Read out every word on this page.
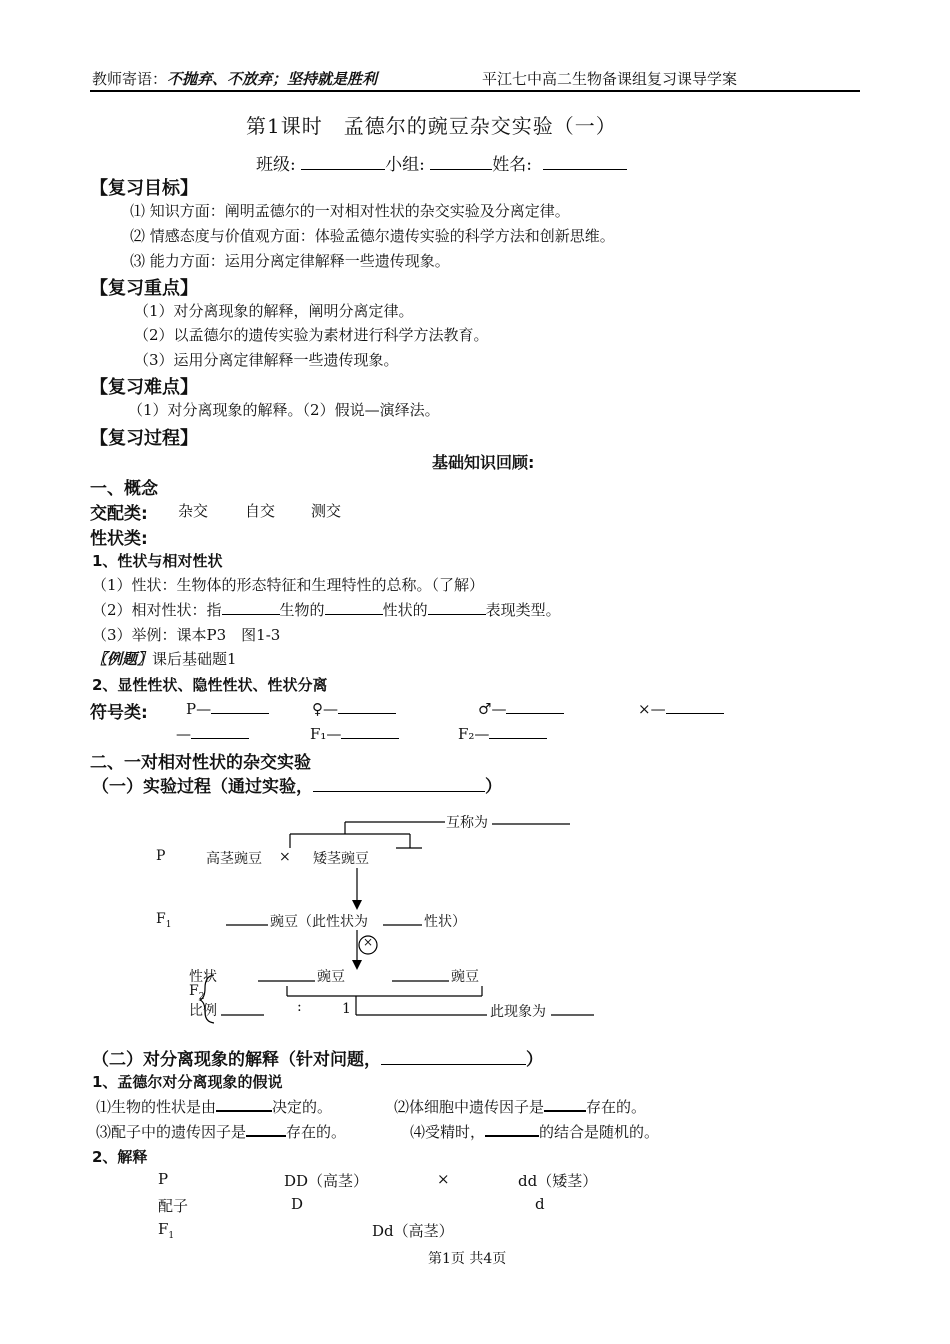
教师寄语：不抛弃、不放弃；坚持就是胜利	平江七中高二生物备课组复习课导学案
第1课时　孟德尔的豌豆杂交实验（一）
班级:	小组:	姓名:
【复习目标】
⑴ 知识方面：阐明孟德尔的一对相对性状的杂交实验及分离定律。
⑵ 情感态度与价值观方面：体验孟德尔遗传实验的科学方法和创新思维。
⑶ 能力方面：运用分离定律解释一些遗传现象。
【复习重点】
（1）对分离现象的解释，阐明分离定律。
（2）以孟德尔的遗传实验为素材进行科学方法教育。
（3）运用分离定律解释一些遗传现象。
【复习难点】
（1）对分离现象的解释。（2）假说—演绎法。
【复习过程】
基础知识回顾:
一、概念
交配类: 杂交 自交 测交
性状类:
1、性状与相对性状
（1）性状：生物体的形态特征和生理特性的总称。（了解）
（2）相对性状：指	生物的	性状的	表现类型。
（3）举例：课本P3　图1-3
〖例题〗课后基础题1
2、显性性状、隐性性状、性状分离
符号类:	P—	♀—	♂—	×—
—	F₁—	F₂—
二、一对相对性状的杂交实验
（一）实验过程（通过实验，	）
互称为
P	高茎豌豆 × 矮茎豌豆
$F_1$	豌豆（此性状为	性状）
×
性状	豌豆	豌豆
$F_2$
比例	:	1	此现象为
（二）对分离现象的解释（针对问题，	）
1、孟德尔对分离现象的假说
⑴生物的性状是由	决定的。	⑵体细胞中遗传因子是	存在的。
⑶配子中的遗传因子是	存在的。	⑷受精时，	的结合是随机的。
2、解释
P	DD（高茎）	×	dd（矮茎）
配子	D	d
$F_1$	Dd（高茎）
第1页 共4页
